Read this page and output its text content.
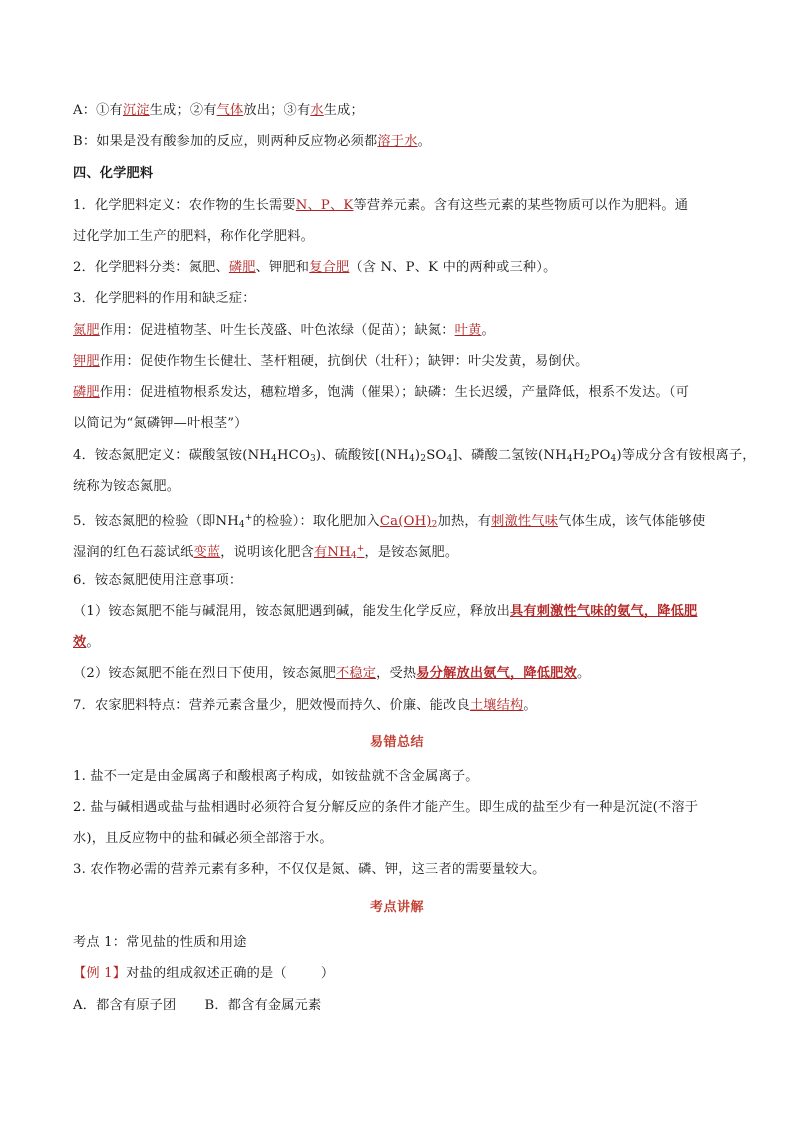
A：①有沉淀生成；②有气体放出；③有水生成；
B：如果是没有酸参加的反应，则两种反应物必须都溶于水。
四、化学肥料
1．化学肥料定义：农作物的生长需要N、P、K等营养元素。含有这些元素的某些物质可以作为肥料。通
过化学加工生产的肥料，称作化学肥料。
2．化学肥料分类：氮肥、磷肥、钾肥和复合肥（含 N、P、K 中的两种或三种）。
3．化学肥料的作用和缺乏症：
氮肥作用：促进植物茎、叶生长茂盛、叶色浓绿（促苗）；缺氮：叶黄。
钾肥作用：促使作物生长健壮、茎杆粗硬，抗倒伏（壮秆）；缺钾：叶尖发黄，易倒伏。
磷肥作用：促进植物根系发达，穗粒增多，饱满（催果）；缺磷：生长迟缓，产量降低，根系不发达。（可
以简记为“氮磷钾—叶根茎”）
4．铵态氮肥定义：碳酸氢铵$(NH_4HCO_3)$、硫酸铵$[(NH_4)_2SO_4]$、磷酸二氢铵$(NH_4H_2PO_4)$等成分含有铵根离子，
统称为铵态氮肥。
5．铵态氮肥的检验（即$NH_4^+$的检验）：取化肥加入$Ca(OH)_2$加热，有刺激性气味气体生成，该气体能够使
湿润的红色石蕊试纸变蓝，说明该化肥含有$NH_4^+$，是铵态氮肥。
6．铵态氮肥使用注意事项：
（1）铵态氮肥不能与碱混用，铵态氮肥遇到碱，能发生化学反应，释放出具有刺激性气味的氨气，降低肥
效。
（2）铵态氮肥不能在烈日下使用，铵态氮肥不稳定，受热易分解放出氨气，降低肥效。
7．农家肥料特点：营养元素含量少，肥效慢而持久、价廉、能改良土壤结构。
易错总结
1. 盐不一定是由金属离子和酸根离子构成，如铵盐就不含金属离子。
2. 盐与碱相遇或盐与盐相遇时必须符合复分解反应的条件才能产生。即生成的盐至少有一种是沉淀(不溶于
水)，且反应物中的盐和碱必须全部溶于水。
3. 农作物必需的营养元素有多种，不仅仅是氮、磷、钾，这三者的需要量较大。
考点讲解
考点 1：常见盐的性质和用途
【例 1】对盐的组成叙述正确的是（	）
A．都含有原子团 B．都含有金属元素
